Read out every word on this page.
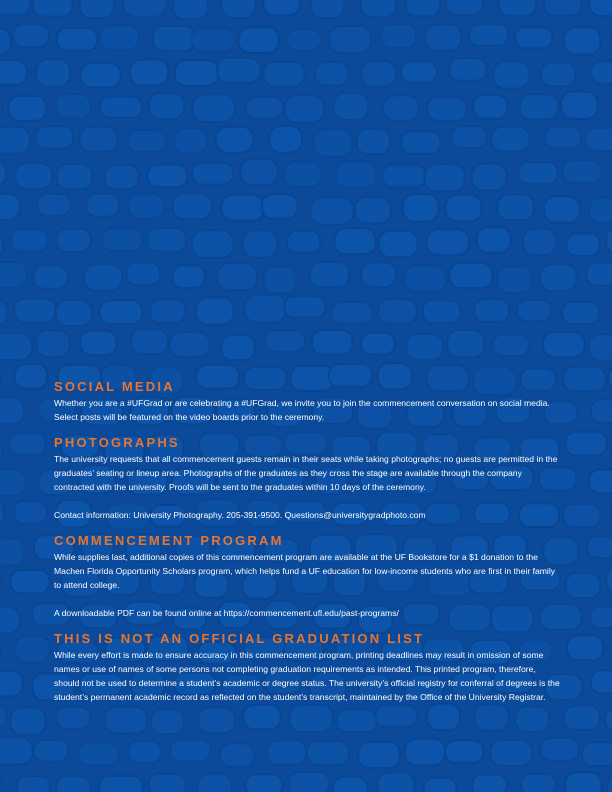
SOCIAL MEDIA

Whether you are a #UFGrad or are celebrating a #UFGrad, we invite you to join the commencement conversation on social media. Select posts will be featured on the video boards prior to the ceremony.

PHOTOGRAPHS

The university requests that all commencement guests remain in their seats while taking photographs; no guests are permitted in the graduates’ seating or lineup area. Photographs of the graduates as they cross the stage are available through the company contracted with the university. Proofs will be sent to the graduates within 10 days of the ceremony.

Contact information: University Photography. 205-391-9500. Questions@universitygradphoto.com

COMMENCEMENT PROGRAM

While supplies last, additional copies of this commencement program are available at the UF Bookstore for a $1 donation to the Machen Florida Opportunity Scholars program, which helps fund a UF education for low-income students who are first in their family to attend college.

A downloadable PDF can be found online at https://commencement.ufl.edu/past-programs/

THIS IS NOT AN OFFICIAL GRADUATION LIST

While every effort is made to ensure accuracy in this commencement program, printing deadlines may result in omission of some names or use of names of some persons not completing graduation requirements as intended. This printed program, therefore, should not be used to determine a student’s academic or degree status. The university’s official registry for conferral of degrees is the student’s permanent academic record as reflected on the student’s transcript, maintained by the Office of the University Registrar.
